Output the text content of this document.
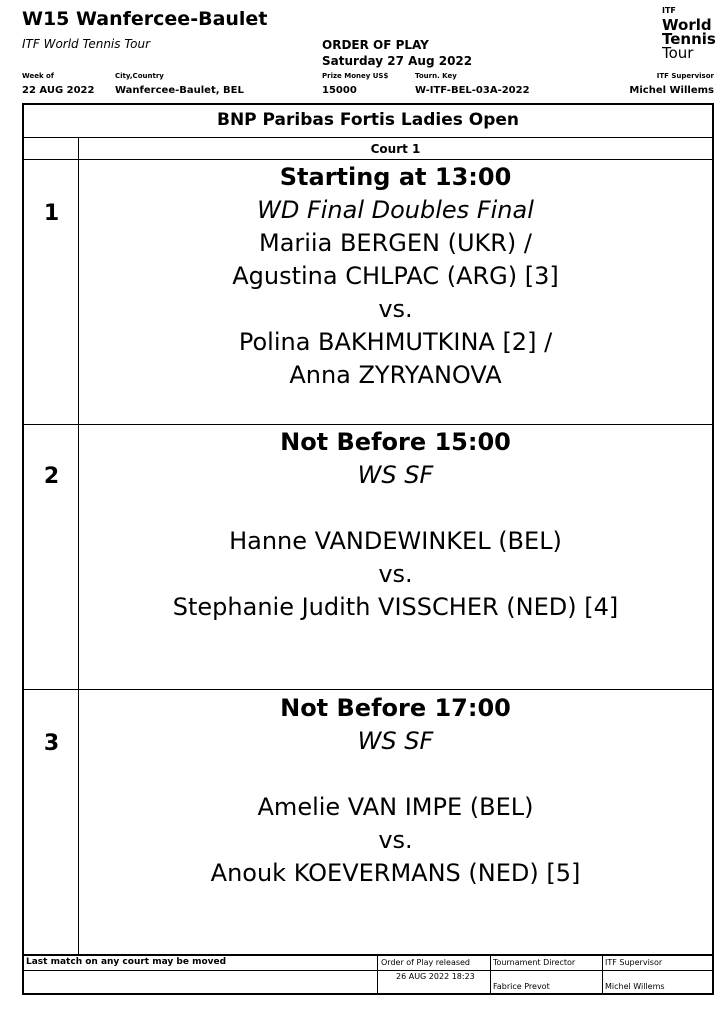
W15 Wanfercee-Baulet
ITF World Tennis Tour	ORDER OF PLAY
Saturday 27 Aug 2022
ITF
World
Tennis
Tour
Week of
22 AUG 2022
City,Country
Wanfercee-Baulet, BEL
Prize Money US$
15000
Tourn. Key
W-ITF-BEL-03A-2022
ITF Supervisor
Michel Willems
BNP Paribas Fortis Ladies Open
Court 1
1
Starting at 13:00
WD Final Doubles Final
Mariia BERGEN (UKR) /
Agustina CHLPAC (ARG) [3]
vs.
Polina BAKHMUTKINA [2] /
Anna ZYRYANOVA
2
Not Before 15:00
WS SF
Hanne VANDEWINKEL (BEL)
vs.
Stephanie Judith VISSCHER (NED) [4]
3
Not Before 17:00
WS SF
Amelie VAN IMPE (BEL)
vs.
Anouk KOEVERMANS (NED) [5]
Last match on any court may be moved	Order of Play released
26 AUG 2022 18:23
Tournament Director
Fabrice Prevot
ITF Supervisor
Michel Willems
